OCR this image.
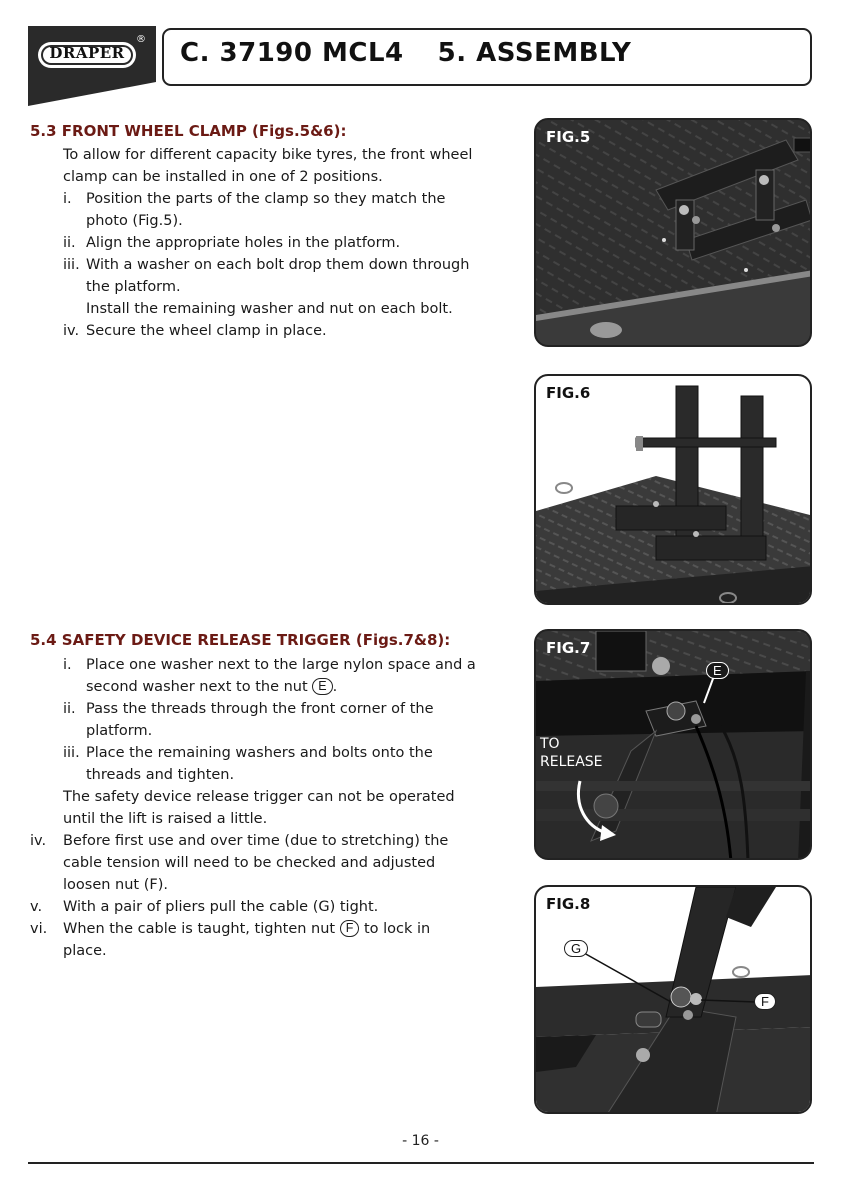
DRAPER
® C. 37190 MCL4 5. ASSEMBLY
5.3 FRONT WHEEL CLAMP (Figs.5&6):
To allow for different capacity bike tyres, the front wheel
clamp can be installed in one of 2 positions.
i. Position the parts of the clamp so they match the
photo (Fig.5).
ii. Align the appropriate holes in the platform.
iii. With a washer on each bolt drop them down through
the platform.
Install the remaining washer and nut on each bolt.
iv. Secure the wheel clamp in place.
5.4 SAFETY DEVICE RELEASE TRIGGER (Figs.7&8):
i. Place one washer next to the large nylon space and a
second washer next to the nut E .
ii. Pass the threads through the front corner of the
platform.
iii. Place the remaining washers and bolts onto the
threads and tighten.
The safety device release trigger can not be operated
until the lift is raised a little.
iv.	Before first use and over time (due to stretching) the
cable tension will need to be checked and adjusted
loosen nut (F).
v.	With a pair of pliers pull the cable (G) tight.
vi.	When the cable is taught, tighten nut F to lock in
place.
FIG.5
FIG.6
FIG.7
E
TO
RELEASE
FIG.8
G
F
- 16 -
